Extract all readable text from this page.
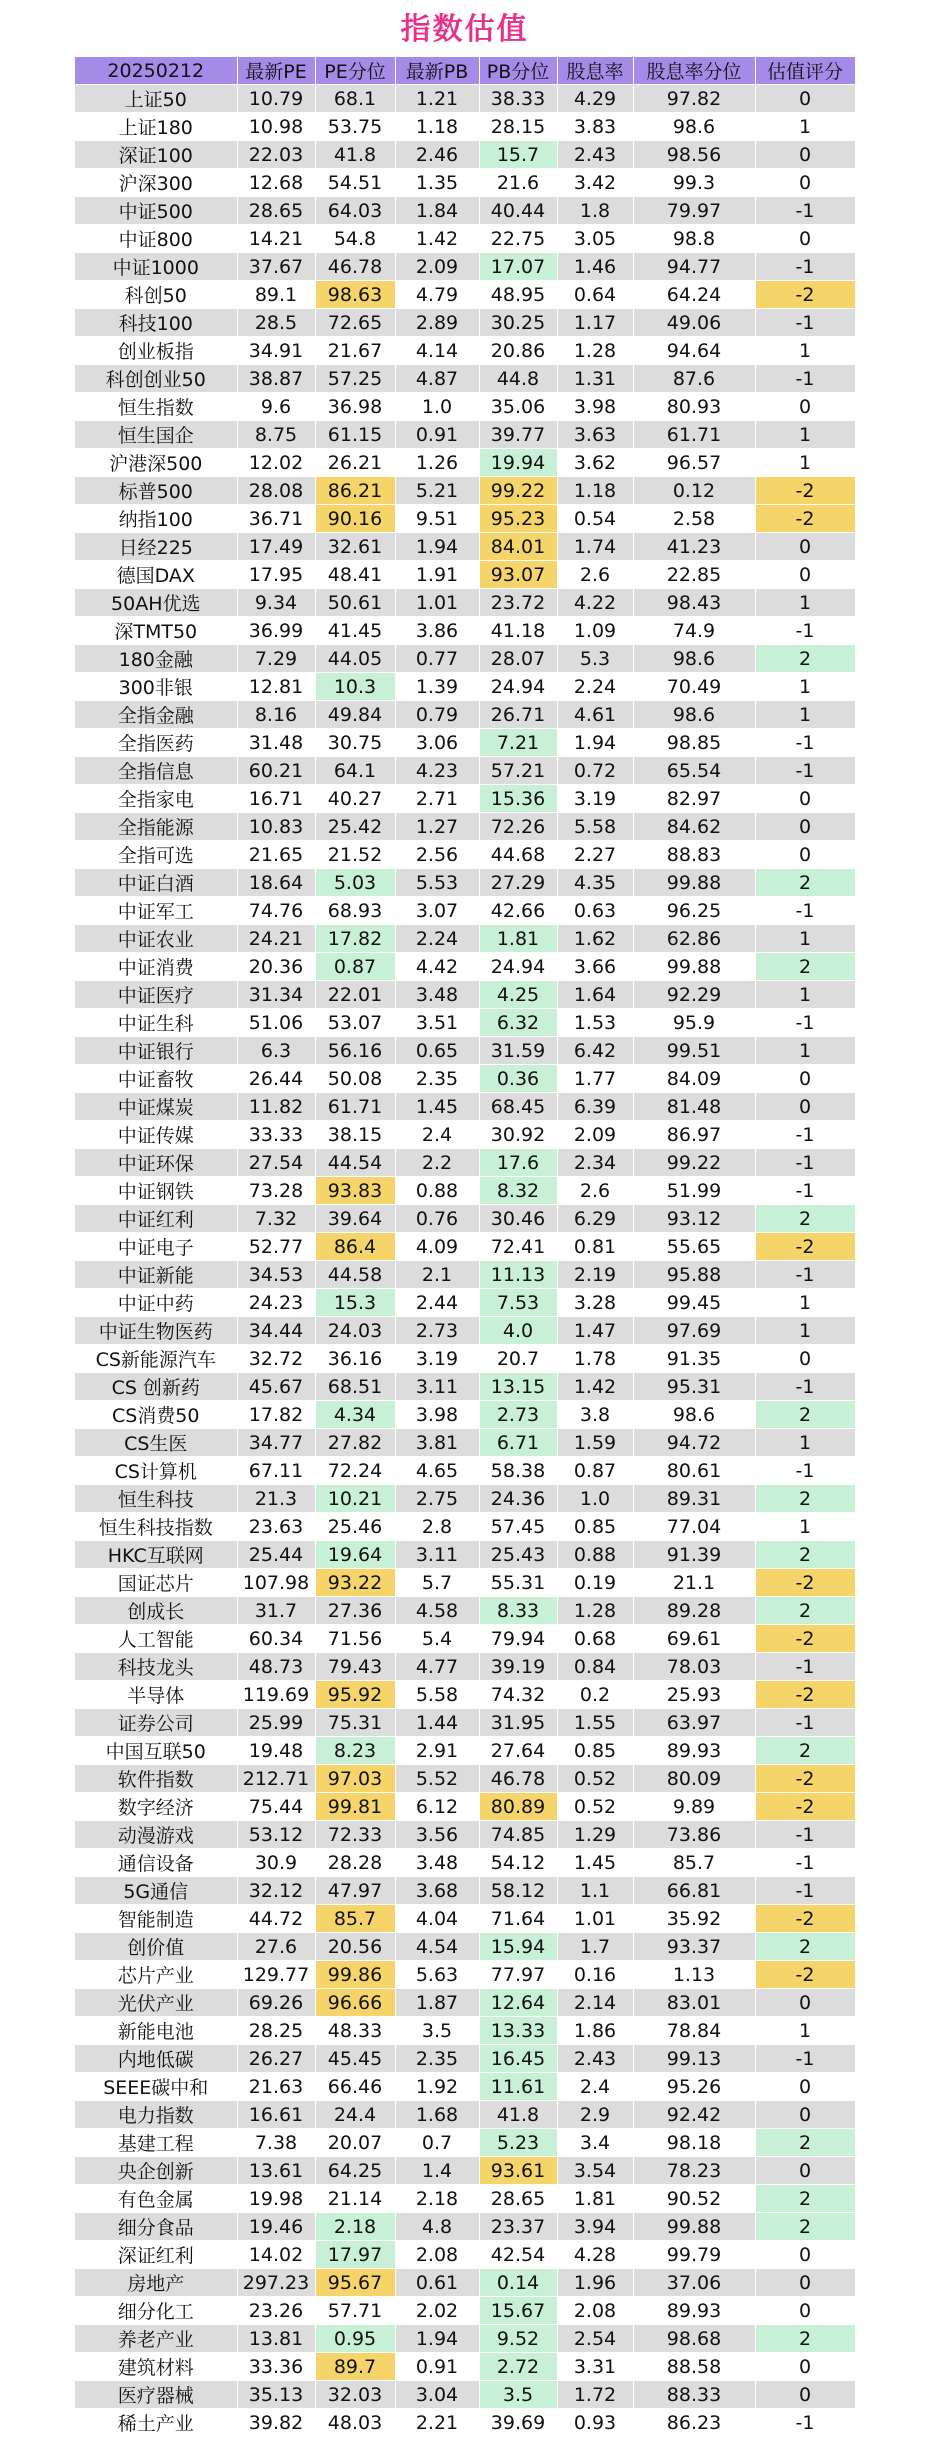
指数估值
20250212	最新PE	PE分位	最新PB	PB分位	股息率	股息率分位	估值评分
上证50	10.79	68.1	1.21	38.33	4.29	97.82	0
上证180	10.98	53.75	1.18	28.15	3.83	98.6	1
深证100	22.03	41.8	2.46	15.7	2.43	98.56	0
沪深300	12.68	54.51	1.35	21.6	3.42	99.3	0
中证500	28.65	64.03	1.84	40.44	1.8	79.97	-1
中证800	14.21	54.8	1.42	22.75	3.05	98.8	0
中证1000	37.67	46.78	2.09	17.07	1.46	94.77	-1
科创50	89.1	98.63	4.79	48.95	0.64	64.24	-2
科技100	28.5	72.65	2.89	30.25	1.17	49.06	-1
创业板指	34.91	21.67	4.14	20.86	1.28	94.64	1
科创创业50	38.87	57.25	4.87	44.8	1.31	87.6	-1
恒生指数	9.6	36.98	1.0	35.06	3.98	80.93	0
恒生国企	8.75	61.15	0.91	39.77	3.63	61.71	1
沪港深500	12.02	26.21	1.26	19.94	3.62	96.57	1
标普500	28.08	86.21	5.21	99.22	1.18	0.12	-2
纳指100	36.71	90.16	9.51	95.23	0.54	2.58	-2
日经225	17.49	32.61	1.94	84.01	1.74	41.23	0
德国DAX	17.95	48.41	1.91	93.07	2.6	22.85	0
50AH优选	9.34	50.61	1.01	23.72	4.22	98.43	1
深TMT50	36.99	41.45	3.86	41.18	1.09	74.9	-1
180金融	7.29	44.05	0.77	28.07	5.3	98.6	2
300非银	12.81	10.3	1.39	24.94	2.24	70.49	1
全指金融	8.16	49.84	0.79	26.71	4.61	98.6	1
全指医药	31.48	30.75	3.06	7.21	1.94	98.85	-1
全指信息	60.21	64.1	4.23	57.21	0.72	65.54	-1
全指家电	16.71	40.27	2.71	15.36	3.19	82.97	0
全指能源	10.83	25.42	1.27	72.26	5.58	84.62	0
全指可选	21.65	21.52	2.56	44.68	2.27	88.83	0
中证白酒	18.64	5.03	5.53	27.29	4.35	99.88	2
中证军工	74.76	68.93	3.07	42.66	0.63	96.25	-1
中证农业	24.21	17.82	2.24	1.81	1.62	62.86	1
中证消费	20.36	0.87	4.42	24.94	3.66	99.88	2
中证医疗	31.34	22.01	3.48	4.25	1.64	92.29	1
中证生科	51.06	53.07	3.51	6.32	1.53	95.9	-1
中证银行	6.3	56.16	0.65	31.59	6.42	99.51	1
中证畜牧	26.44	50.08	2.35	0.36	1.77	84.09	0
中证煤炭	11.82	61.71	1.45	68.45	6.39	81.48	0
中证传媒	33.33	38.15	2.4	30.92	2.09	86.97	-1
中证环保	27.54	44.54	2.2	17.6	2.34	99.22	-1
中证钢铁	73.28	93.83	0.88	8.32	2.6	51.99	-1
中证红利	7.32	39.64	0.76	30.46	6.29	93.12	2
中证电子	52.77	86.4	4.09	72.41	0.81	55.65	-2
中证新能	34.53	44.58	2.1	11.13	2.19	95.88	-1
中证中药	24.23	15.3	2.44	7.53	3.28	99.45	1
中证生物医药	34.44	24.03	2.73	4.0	1.47	97.69	1
CS新能源汽车	32.72	36.16	3.19	20.7	1.78	91.35	0
CS 创新药	45.67	68.51	3.11	13.15	1.42	95.31	-1
CS消费50	17.82	4.34	3.98	2.73	3.8	98.6	2
CS生医	34.77	27.82	3.81	6.71	1.59	94.72	1
CS计算机	67.11	72.24	4.65	58.38	0.87	80.61	-1
恒生科技	21.3	10.21	2.75	24.36	1.0	89.31	2
恒生科技指数	23.63	25.46	2.8	57.45	0.85	77.04	1
HKC互联网	25.44	19.64	3.11	25.43	0.88	91.39	2
国证芯片	107.98	93.22	5.7	55.31	0.19	21.1	-2
创成长	31.7	27.36	4.58	8.33	1.28	89.28	2
人工智能	60.34	71.56	5.4	79.94	0.68	69.61	-2
科技龙头	48.73	79.43	4.77	39.19	0.84	78.03	-1
半导体	119.69	95.92	5.58	74.32	0.2	25.93	-2
证券公司	25.99	75.31	1.44	31.95	1.55	63.97	-1
中国互联50	19.48	8.23	2.91	27.64	0.85	89.93	2
软件指数	212.71	97.03	5.52	46.78	0.52	80.09	-2
数字经济	75.44	99.81	6.12	80.89	0.52	9.89	-2
动漫游戏	53.12	72.33	3.56	74.85	1.29	73.86	-1
通信设备	30.9	28.28	3.48	54.12	1.45	85.7	-1
5G通信	32.12	47.97	3.68	58.12	1.1	66.81	-1
智能制造	44.72	85.7	4.04	71.64	1.01	35.92	-2
创价值	27.6	20.56	4.54	15.94	1.7	93.37	2
芯片产业	129.77	99.86	5.63	77.97	0.16	1.13	-2
光伏产业	69.26	96.66	1.87	12.64	2.14	83.01	0
新能电池	28.25	48.33	3.5	13.33	1.86	78.84	1
内地低碳	26.27	45.45	2.35	16.45	2.43	99.13	-1
SEEE碳中和	21.63	66.46	1.92	11.61	2.4	95.26	0
电力指数	16.61	24.4	1.68	41.8	2.9	92.42	0
基建工程	7.38	20.07	0.7	5.23	3.4	98.18	2
央企创新	13.61	64.25	1.4	93.61	3.54	78.23	0
有色金属	19.98	21.14	2.18	28.65	1.81	90.52	2
细分食品	19.46	2.18	4.8	23.37	3.94	99.88	2
深证红利	14.02	17.97	2.08	42.54	4.28	99.79	0
房地产	297.23	95.67	0.61	0.14	1.96	37.06	0
细分化工	23.26	57.71	2.02	15.67	2.08	89.93	0
养老产业	13.81	0.95	1.94	9.52	2.54	98.68	2
建筑材料	33.36	89.7	0.91	2.72	3.31	88.58	0
医疗器械	35.13	32.03	3.04	3.5	1.72	88.33	0
稀土产业	39.82	48.03	2.21	39.69	0.93	86.23	-1
